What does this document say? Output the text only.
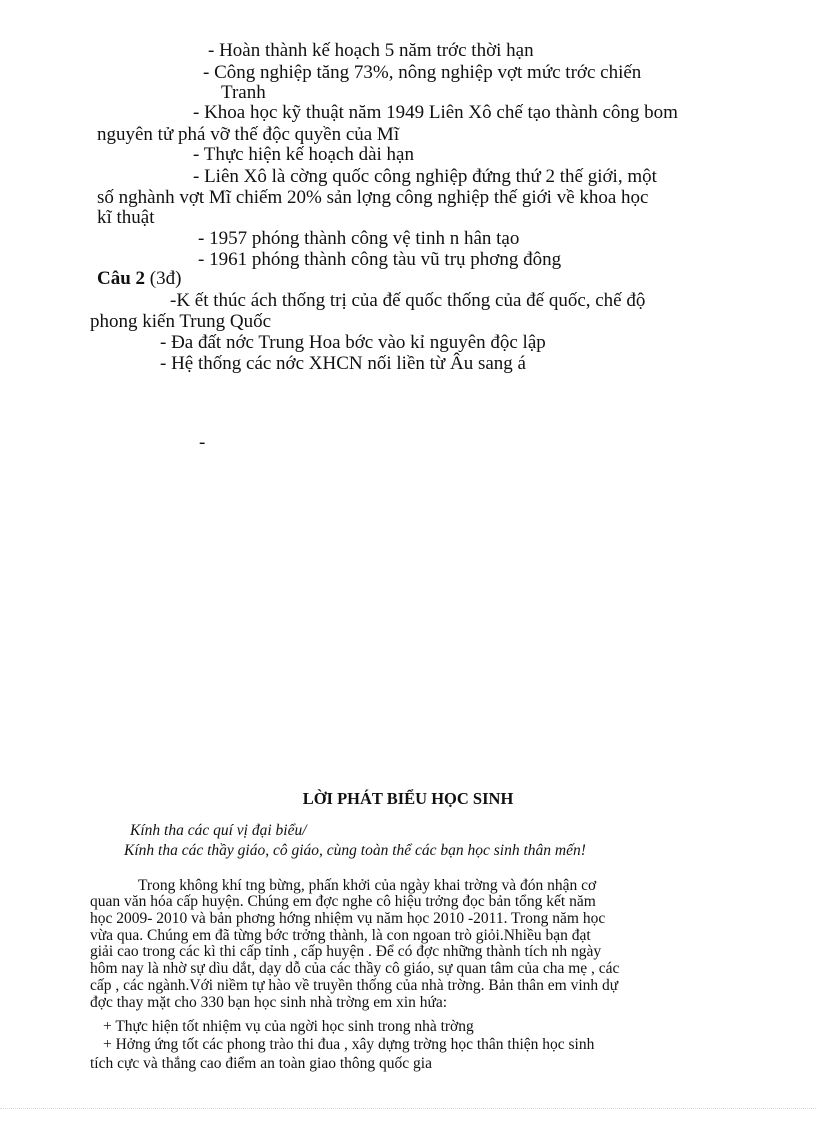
- Hoàn thành kế hoạch 5 năm trớc thời hạn
- Công nghiệp tăng 73%, nông nghiệp vợt mức trớc chiến
Tranh
- Khoa học kỹ thuật năm 1949 Liên Xô chế tạo thành công bom
nguyên tử phá vỡ thế độc quyền của Mĩ
- Thực hiện kế hoạch dài hạn
- Liên Xô là cờng quốc công nghiệp đứng thứ 2 thế giới, một
số nghành vợt Mĩ chiếm 20% sản lợng công nghiệp thế giới về khoa học
kĩ thuật
- 1957 phóng thành công vệ tinh n hân tạo
- 1961 phóng thành công tàu vũ trụ phơng đông
Câu 2 (3đ)
-K ết thúc ách thống trị của đế quốc thống của đế quốc, chế độ
phong kiến Trung Quốc
- Đa đất nớc Trung Hoa bớc vào kỉ nguyên độc lập
- Hệ thống các nớc XHCN nối liền từ Âu sang á
-
LỜI PHÁT BIỂU HỌC SINH
Kính tha các quí vị đại biểu/
Kính tha các thầy giáo, cô giáo, cùng toàn thể các bạn học sinh thân mến!
Trong không khí tng bừng, phấn khởi của ngày khai trờng và đón nhận cơ
quan văn hóa cấp huyện. Chúng em đợc nghe cô hiệu trởng đọc bản tổng kết năm
học 2009- 2010 và bản phơng hớng nhiệm vụ năm học 2010 -2011. Trong năm học
vừa qua. Chúng em đã từng bớc trởng thành, là con ngoan trò giỏi.Nhiều bạn đạt
giải cao trong các kì thi cấp tỉnh , cấp huyện . Để có đợc những thành tích nh ngày
hôm nay là nhờ sự dìu dắt, dạy dỗ của các thầy cô giáo, sự quan tâm của cha mẹ , các
cấp , các ngành.Với niềm tự hào về truyền thống của nhà trờng. Bản thân em vinh dự
đợc thay mặt cho 330 bạn học sinh nhà trờng em xin hứa:
+ Thực hiện tốt nhiệm vụ của ngời học sinh trong nhà trờng
+ Hởng ứng tốt các phong trào thi đua , xây dựng trờng học thân thiện học sinh
tích cực và thắng cao điểm an toàn giao thông quốc gia
